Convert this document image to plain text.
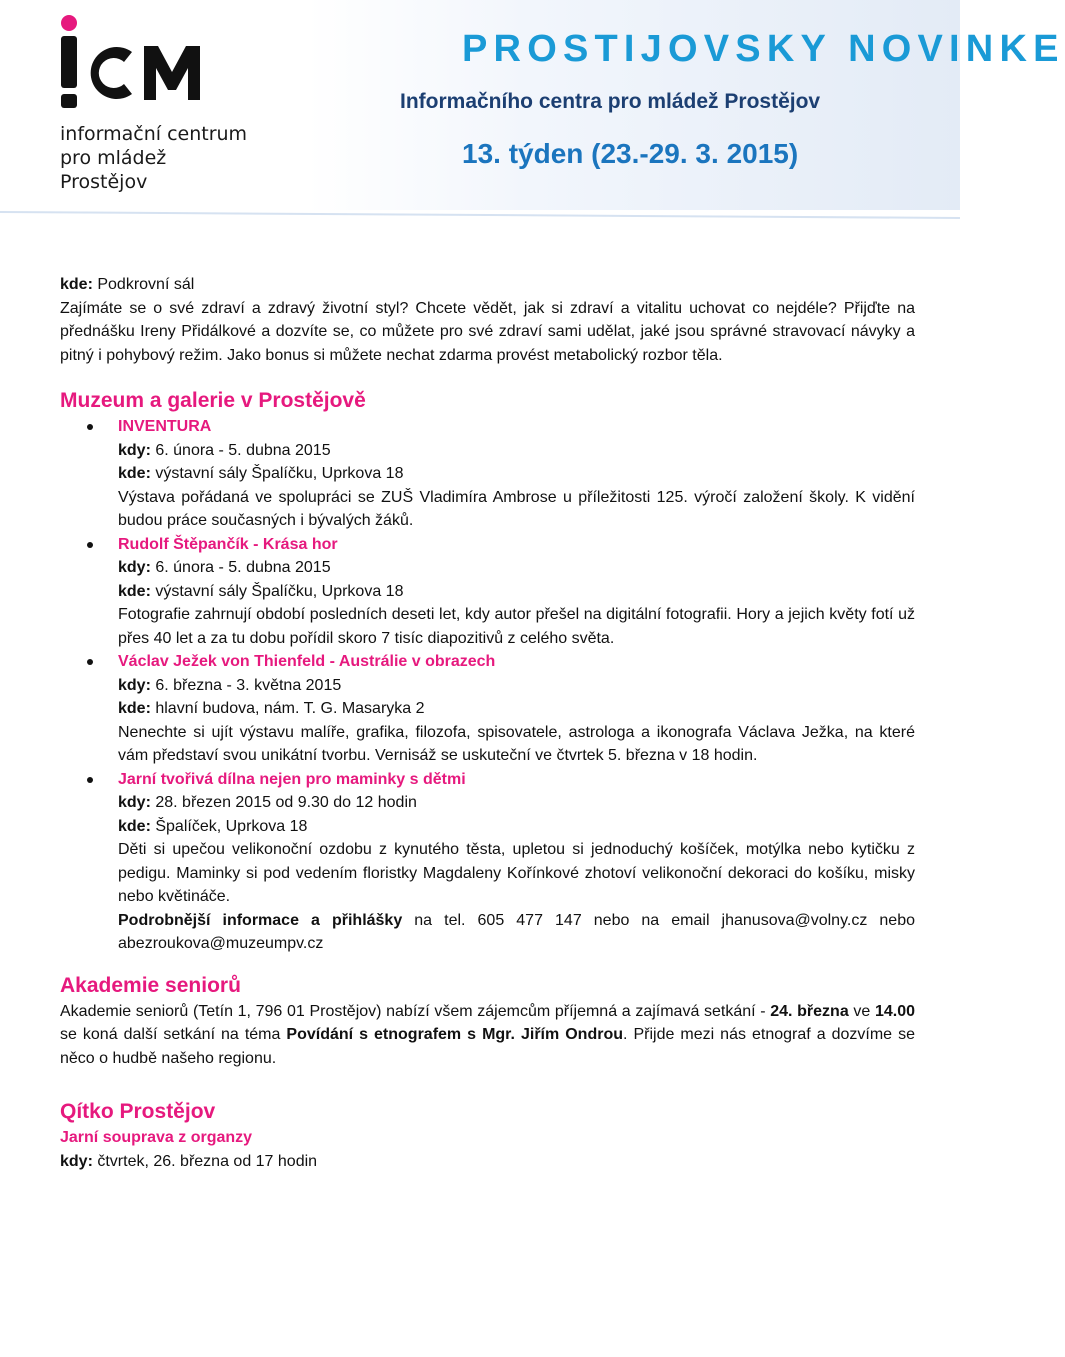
informační centrum
pro mládež
Prostějov
PROSTIJOVSKY NOVINKE
Informačního centra pro mládež Prostějov
13. týden (23.-29. 3. 2015)

kde: Podkrovní sál

Zajímáte se o své zdraví a zdravý životní styl? Chcete vědět, jak si zdraví a vitalitu uchovat co nejdéle? Přijďte na přednášku Ireny Přidálkové a dozvíte se, co můžete pro své zdraví sami udělat, jaké jsou správné stravovací návyky a pitný i pohybový režim. Jako bonus si můžete nechat zdarma provést metabolický rozbor těla.

Muzeum a galerie v Prostějově
INVENTURA
kdy: 6. února - 5. dubna 2015
kde: výstavní sály Špalíčku, Uprkova 18
Výstava pořádaná ve spolupráci se ZUŠ Vladimíra Ambrose u příležitosti 125. výročí založení školy. K vidění budou práce současných i bývalých žáků.
Rudolf Štěpančík - Krása hor
kdy: 6. února - 5. dubna 2015
kde: výstavní sály Špalíčku, Uprkova 18
Fotografie zahrnují období posledních deseti let, kdy autor přešel na digitální fotografii. Hory a jejich květy fotí už přes 40 let a za tu dobu pořídil skoro 7 tisíc diapozitivů z celého světa.
Václav Ježek von Thienfeld - Austrálie v obrazech
kdy: 6. března - 3. května 2015
kde: hlavní budova, nám. T. G. Masaryka 2
Nenechte si ujít výstavu malíře, grafika, filozofa, spisovatele, astrologa a ikonografa Václava Ježka, na které vám představí svou unikátní tvorbu. Vernisáž se uskuteční ve čtvrtek 5. března v 18 hodin.
Jarní tvořivá dílna nejen pro maminky s dětmi
kdy: 28. březen 2015 od 9.30 do 12 hodin
kde: Špalíček, Uprkova 18
Děti si upečou velikonoční ozdobu z kynutého těsta, upletou si jednoduchý košíček, motýlka nebo kytičku z pedigu. Maminky si pod vedením floristky Magdaleny Kořínkové zhotoví velikonoční dekoraci do košíku, misky nebo květináče.
Podrobnější informace a přihlášky na tel. 605 477 147 nebo na email jhanusova@volny.cz nebo abezroukova@muzeumpv.cz
Akademie seniorů

Akademie seniorů (Tetín 1, 796 01 Prostějov) nabízí všem zájemcům příjemná a zajímavá setkání - 24. března ve 14.00 se koná další setkání na téma Povídání s etnografem s Mgr. Jiřím Ondrou. Přijde mezi nás etnograf a dozvíme se něco o hudbě našeho regionu.

Qítko Prostějov
Jarní souprava z organzy
kdy: čtvrtek, 26. března od 17 hodin
